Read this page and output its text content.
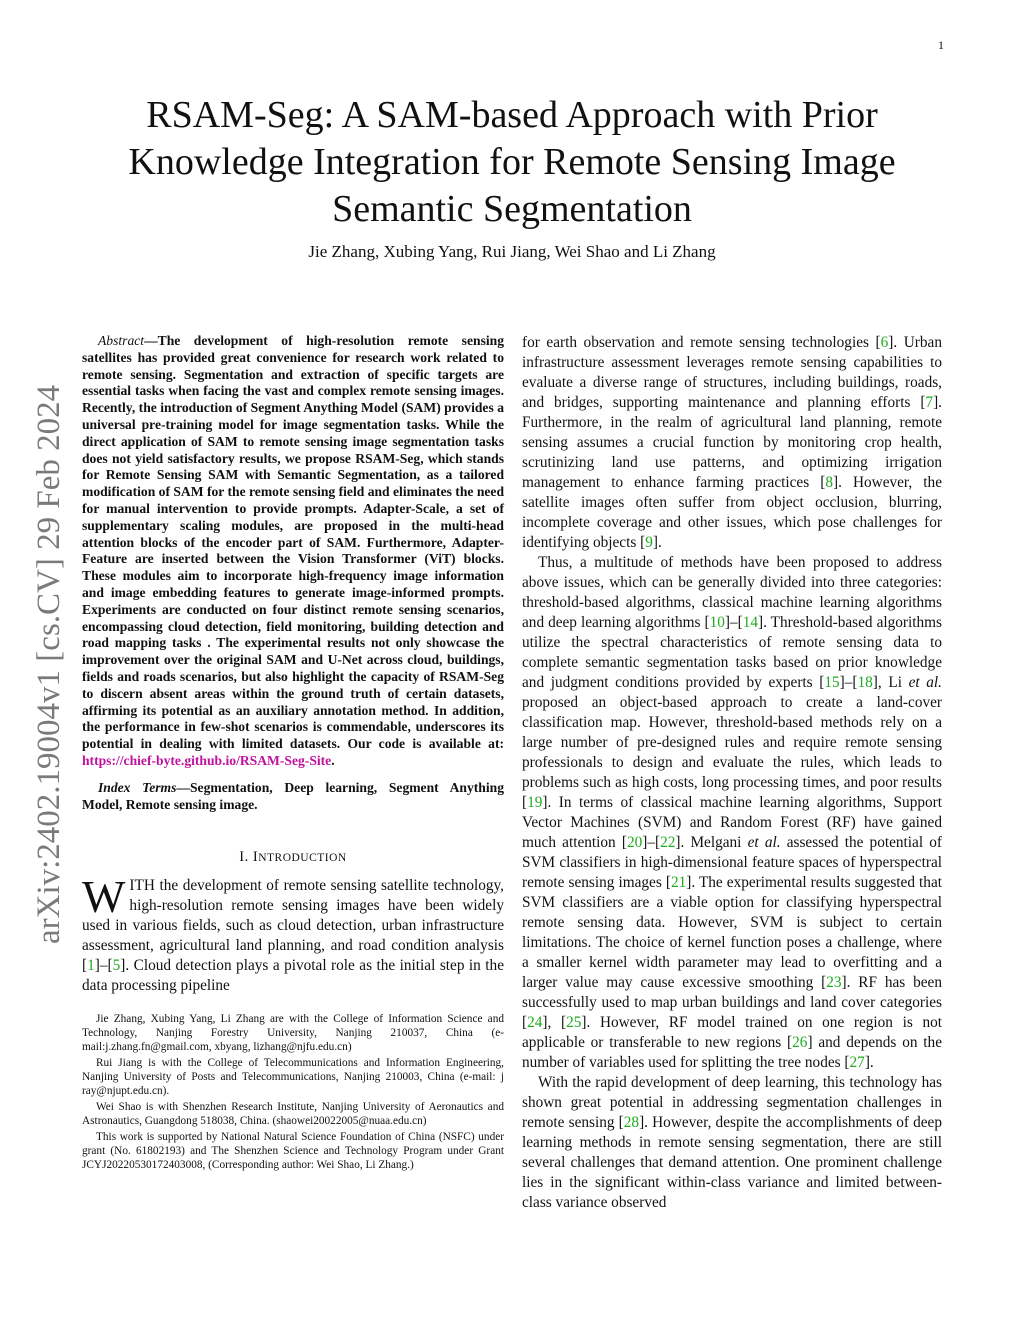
1
arXiv:2402.19004v1 [cs.CV] 29 Feb 2024
RSAM-Seg: A SAM-based Approach with Prior Knowledge Integration for Remote Sensing Image Semantic Segmentation
Jie Zhang, Xubing Yang, Rui Jiang, Wei Shao and Li Zhang

Abstract—The development of high-resolution remote sensing satellites has provided great convenience for research work related to remote sensing. Segmentation and extraction of specific targets are essential tasks when facing the vast and complex remote sensing images. Recently, the introduction of Segment Anything Model (SAM) provides a universal pre-training model for image segmentation tasks. While the direct application of SAM to remote sensing image segmentation tasks does not yield satisfactory results, we propose RSAM-Seg, which stands for Remote Sensing SAM with Semantic Segmentation, as a tailored modification of SAM for the remote sensing field and eliminates the need for manual intervention to provide prompts. Adapter-Scale, a set of supplementary scaling modules, are proposed in the multi-head attention blocks of the encoder part of SAM. Furthermore, Adapter-Feature are inserted between the Vision Transformer (ViT) blocks. These modules aim to incorporate high-frequency image information and image embedding features to generate image-informed prompts. Experiments are conducted on four distinct remote sensing scenarios, encompassing cloud detection, field monitoring, building detection and road mapping tasks . The experimental results not only showcase the improvement over the original SAM and U-Net across cloud, buildings, fields and roads scenarios, but also highlight the capacity of RSAM-Seg to discern absent areas within the ground truth of certain datasets, affirming its potential as an auxiliary annotation method. In addition, the performance in few-shot scenarios is commendable, underscores its potential in dealing with limited datasets. Our code is available at: https://chief-byte.github.io/RSAM-Seg-Site.

Index Terms—Segmentation, Deep learning, Segment Anything Model, Remote sensing image.

I. INTRODUCTION

WITH the development of remote sensing satellite technology, high-resolution remote sensing images have been widely used in various fields, such as cloud detection, urban infrastructure assessment, agricultural land planning, and road condition analysis [1]–[5]. Cloud detection plays a pivotal role as the initial step in the data processing pipeline

Jie Zhang, Xubing Yang, Li Zhang are with the College of Information Science and Technology, Nanjing Forestry University, Nanjing 210037, China (e-mail:j.zhang.fn@gmail.com, xbyang, lizhang@njfu.edu.cn)

Rui Jiang is with the College of Telecommunications and Information Engineering, Nanjing University of Posts and Telecommunications, Nanjing 210003, China (e-mail: j ray@njupt.edu.cn).

Wei Shao is with Shenzhen Research Institute, Nanjing University of Aeronautics and Astronautics, Guangdong 518038, China. (shaowei20022005@nuaa.edu.cn)

This work is supported by National Natural Science Foundation of China (NSFC) under grant (No. 61802193) and The Shenzhen Science and Technology Program under Grant JCYJ20220530172403008, (Corresponding author: Wei Shao, Li Zhang.)

for earth observation and remote sensing technologies [6]. Urban infrastructure assessment leverages remote sensing capabilities to evaluate a diverse range of structures, including buildings, roads, and bridges, supporting maintenance and planning efforts [7]. Furthermore, in the realm of agricultural land planning, remote sensing assumes a crucial function by monitoring crop health, scrutinizing land use patterns, and optimizing irrigation management to enhance farming practices [8]. However, the satellite images often suffer from object occlusion, blurring, incomplete coverage and other issues, which pose challenges for identifying objects [9].

Thus, a multitude of methods have been proposed to address above issues, which can be generally divided into three categories: threshold-based algorithms, classical machine learning algorithms and deep learning algorithms [10]–[14]. Threshold-based algorithms utilize the spectral characteristics of remote sensing data to complete semantic segmentation tasks based on prior knowledge and judgment conditions provided by experts [15]–[18], Li et al. proposed an object-based approach to create a land-cover classification map. However, threshold-based methods rely on a large number of pre-designed rules and require remote sensing professionals to design and evaluate the rules, which leads to problems such as high costs, long processing times, and poor results [19]. In terms of classical machine learning algorithms, Support Vector Machines (SVM) and Random Forest (RF) have gained much attention [20]–[22]. Melgani et al. assessed the potential of SVM classifiers in high-dimensional feature spaces of hyperspectral remote sensing images [21]. The experimental results suggested that SVM classifiers are a viable option for classifying hyperspectral remote sensing data. However, SVM is subject to certain limitations. The choice of kernel function poses a challenge, where a smaller kernel width parameter may lead to overfitting and a larger value may cause excessive smoothing [23]. RF has been successfully used to map urban buildings and land cover categories [24], [25]. However, RF model trained on one region is not applicable or transferable to new regions [26] and depends on the number of variables used for splitting the tree nodes [27].

With the rapid development of deep learning, this technology has shown great potential in addressing segmentation challenges in remote sensing [28]. However, despite the accomplishments of deep learning methods in remote sensing segmentation, there are still several challenges that demand attention. One prominent challenge lies in the significant within-class variance and limited between-class variance observed
